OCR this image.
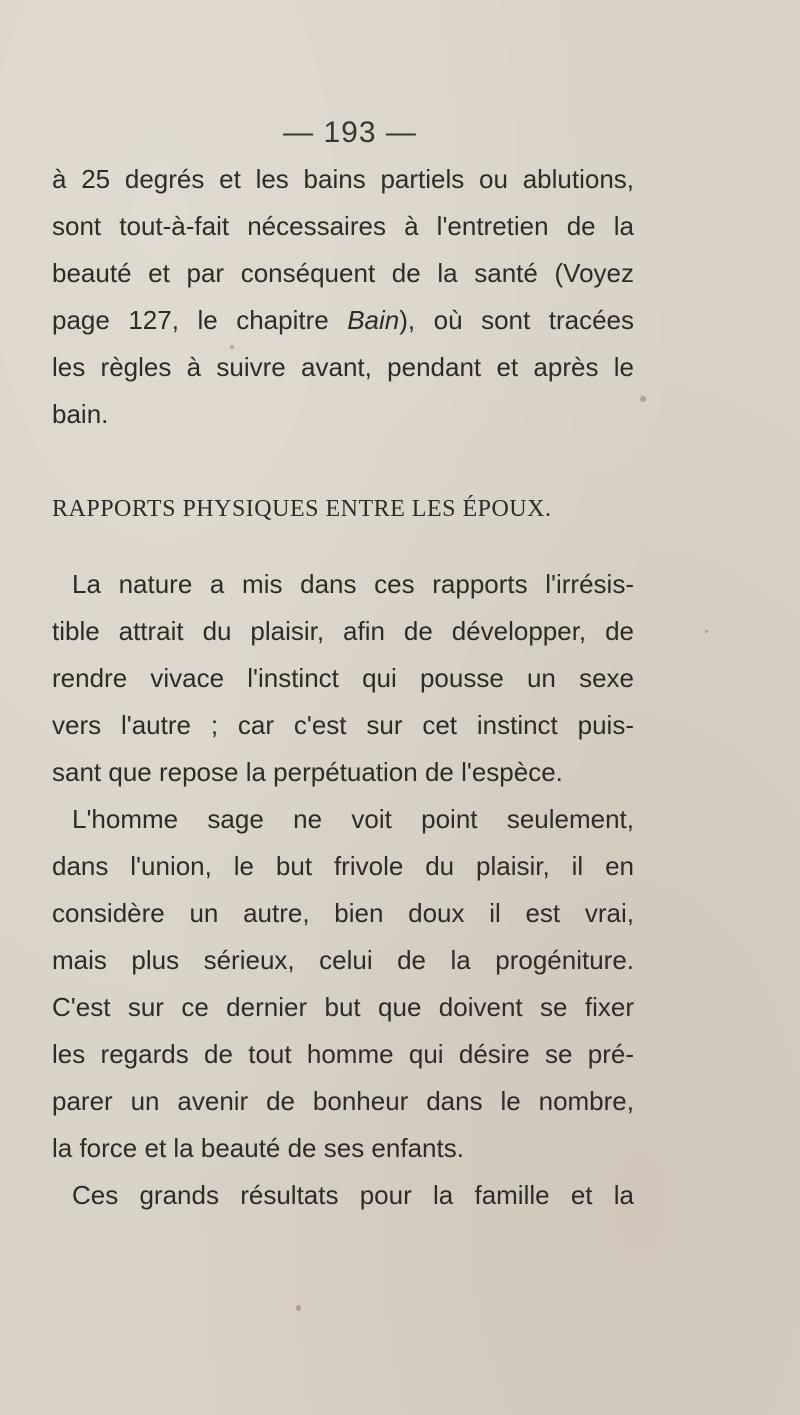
— 193 —
à 25 degrés et les bains partiels ou ablutions,
sont tout-à-fait nécessaires à l'entretien de la
beauté et par conséquent de la santé (Voyez
page 127, le chapitre Bain), où sont tracées
les règles à suivre avant, pendant et après le
bain.
RAPPORTS PHYSIQUES ENTRE LES ÉPOUX.
La nature a mis dans ces rapports l'irrésis-
tible attrait du plaisir, afin de développer, de
rendre vivace l'instinct qui pousse un sexe
vers l'autre ; car c'est sur cet instinct puis-
sant que repose la perpétuation de l'espèce.
L'homme sage ne voit point seulement,
dans l'union, le but frivole du plaisir, il en
considère un autre, bien doux il est vrai,
mais plus sérieux, celui de la progéniture.
C'est sur ce dernier but que doivent se fixer
les regards de tout homme qui désire se pré-
parer un avenir de bonheur dans le nombre,
la force et la beauté de ses enfants.
Ces grands résultats pour la famille et la
